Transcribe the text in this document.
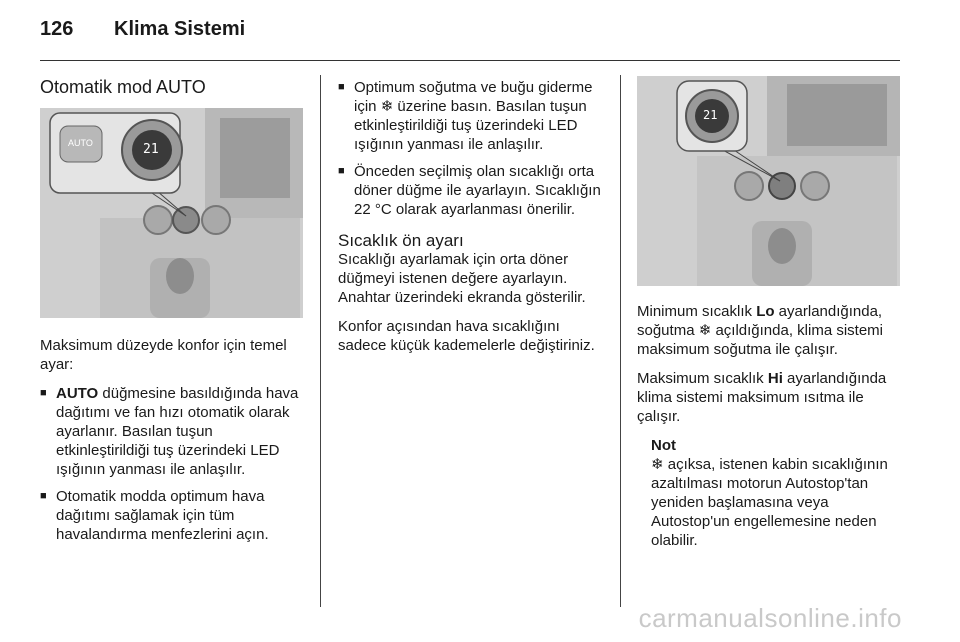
126 Klima Sistemi
Otomatik mod AUTO
AUTO	21

Maksimum düzeyde konfor için temel ayar:

■ AUTO düğmesine basıldığında hava dağıtımı ve fan hızı otomatik olarak ayarlanır. Basılan tuşun etkinleştirildiği tuş üzerindeki LED ışığının yanması ile anlaşılır.
■ Otomatik modda optimum hava dağıtımı sağlamak için tüm havalandırma menfezlerini açın.
■ Optimum soğutma ve buğu giderme için ❄ üzerine basın. Basılan tuşun etkinleştirildiği tuş üzerindeki LED ışığının yanması ile anlaşılır.
■ Önceden seçilmiş olan sıcaklığı orta döner düğme ile ayarlayın. Sıcaklığın 22 °C olarak ayarlanması önerilir.
Sıcaklık ön ayarı

Sıcaklığı ayarlamak için orta döner düğmeyi istenen değere ayarlayın. Anahtar üzerindeki ekranda gösterilir.

Konfor açısından hava sıcaklığını sadece küçük kademelerle değiştiriniz.

21

Minimum sıcaklık Lo ayarlandığında, soğutma ❄ açıldığında, klima sistemi maksimum soğutma ile çalışır.

Maksimum sıcaklık Hi ayarlandığında klima sistemi maksimum ısıtma ile çalışır.

Not
❄ açıksa, istenen kabin sıcaklığının azaltılması motorun Autostop'tan yeniden başlamasına veya Autostop'un engellemesine neden olabilir.
carmanualsonline.info
